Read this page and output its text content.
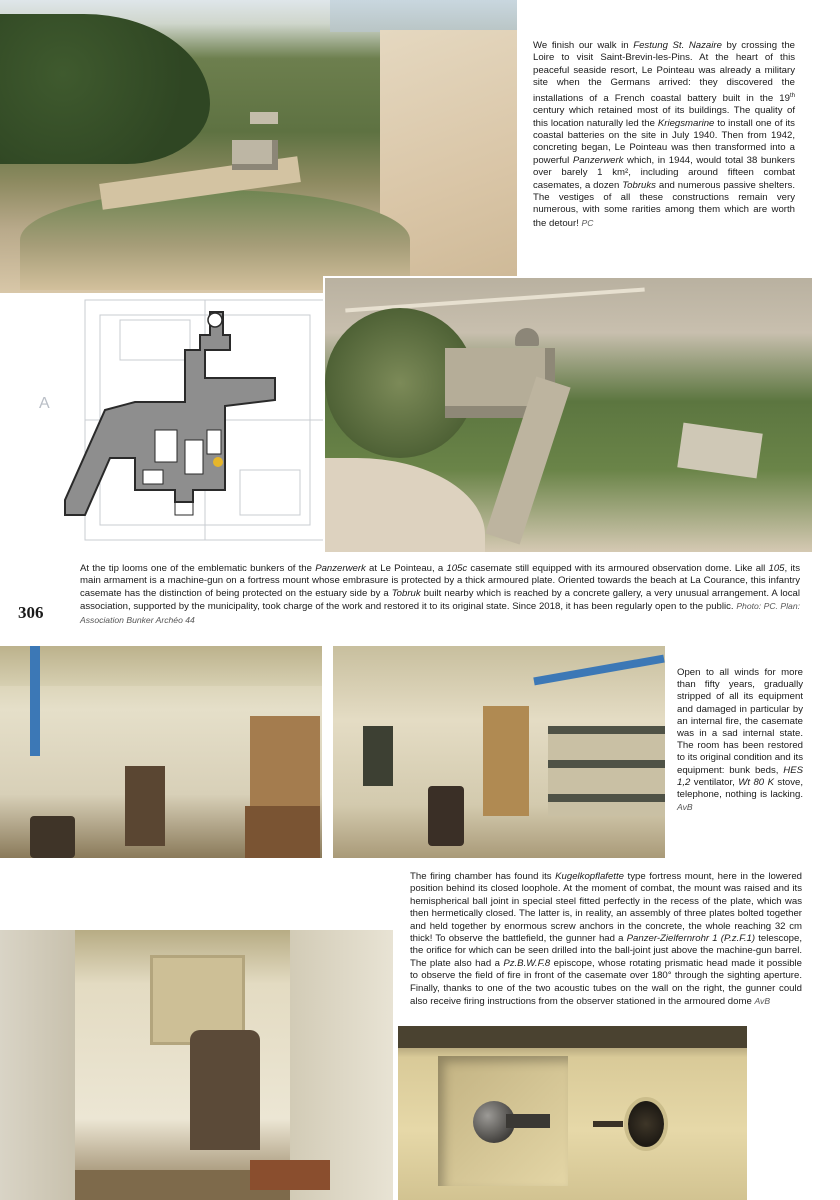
We finish our walk in Festung St. Nazaire by crossing the Loire to visit Saint-Brevin-les-Pins. At the heart of this peaceful seaside resort, Le Pointeau was already a military site when the Germans arrived: they discovered the installations of a French coastal battery built in the 19th century which retained most of its buildings. The quality of this location naturally led the Kriegsmarine to install one of its coastal batteries on the site in July 1940. Then from 1942, concreting began, Le Pointeau was then transformed into a powerful Panzerwerk which, in 1944, would total 38 bunkers over barely 1 km², including around fifteen combat casemates, a dozen Tobruks and numerous passive shelters. The vestiges of all these constructions remain very numerous, with some rarities among them which are worth the detour! PC

A

At the tip looms one of the emblematic bunkers of the Panzerwerk at Le Pointeau, a 105c casemate still equipped with its armoured observation dome. Like all 105, its main armament is a machine-gun on a fortress mount whose embrasure is protected by a thick armoured plate. Oriented towards the beach at La Courance, this infantry casemate has the distinction of being protected on the estuary side by a Tobruk built nearby which is reached by a concrete gallery, a very unusual arrangement. A local association, supported by the municipality, took charge of the work and restored it to its original state. Since 2018, it has been regularly open to the public. Photo: PC. Plan: Association Bunker Archéo 44

306

Open to all winds for more than fifty years, gradually stripped of all its equipment and damaged in particular by an internal fire, the casemate was in a sad internal state. The room has been restored to its original condition and its equipment: bunk beds, HES 1,2 ventilator, Wt 80 K stove, telephone, nothing is lacking. AvB

The firing chamber has found its Kugelkopflafette type fortress mount, here in the lowered position behind its closed loophole. At the moment of combat, the mount was raised and its hemispherical ball joint in special steel fitted perfectly in the recess of the plate, which was then hermetically closed. The latter is, in reality, an assembly of three plates bolted together and held together by enormous screw anchors in the concrete, the whole reaching 32 cm thick! To observe the battlefield, the gunner had a Panzer-Zielfernrohr 1 (P.z.F.1) telescope, the orifice for which can be seen drilled into the ball-joint just above the machine-gun barrel. The plate also had a Pz.B.W.F.8 episcope, whose rotating prismatic head made it possible to observe the field of fire in front of the casemate over 180° through the sighting aperture. Finally, thanks to one of the two acoustic tubes on the wall on the right, the gunner could also receive firing instructions from the observer stationed in the armoured dome AvB
